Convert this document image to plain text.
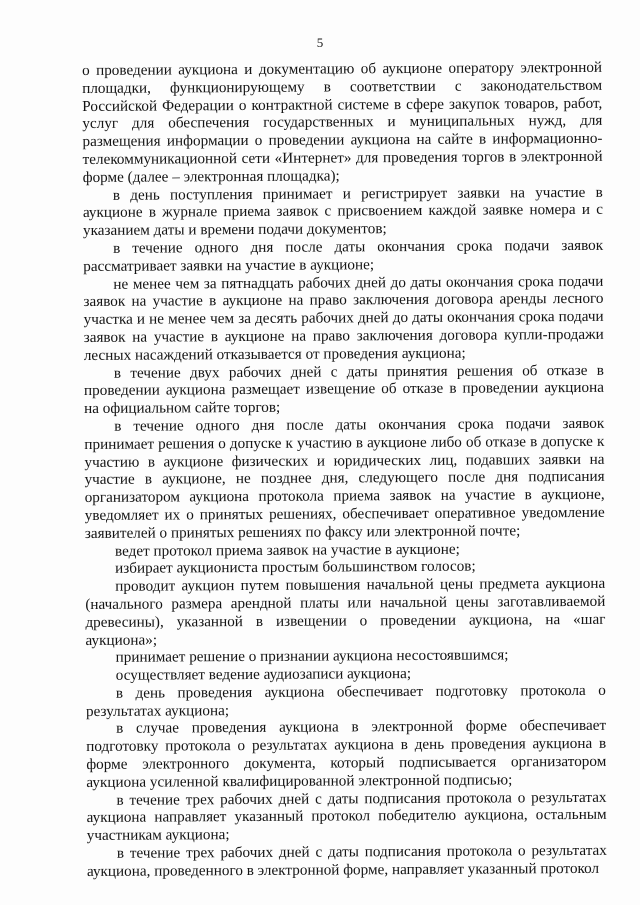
5

о проведении аукциона и документацию об аукционе оператору электронной площадки, функционирующему в соответствии с законодательством Российской Федерации о контрактной системе в сфере закупок товаров, работ, услуг для обеспечения государственных и муниципальных нужд, для размещения информации о проведении аукциона на сайте в информационно-телекоммуникационной сети «Интернет» для проведения торгов в электронной форме (далее – электронная площадка);

в день поступления принимает и регистрирует заявки на участие в аукционе в журнале приема заявок с присвоением каждой заявке номера и с указанием даты и времени подачи документов;

в течение одного дня после даты окончания срока подачи заявок рассматривает заявки на участие в аукционе;

не менее чем за пятнадцать рабочих дней до даты окончания срока подачи заявок на участие в аукционе на право заключения договора аренды лесного участка и не менее чем за десять рабочих дней до даты окончания срока подачи заявок на участие в аукционе на право заключения договора купли-продажи лесных насаждений отказывается от проведения аукциона;

в течение двух рабочих дней с даты принятия решения об отказе в проведении аукциона размещает извещение об отказе в проведении аукциона на официальном сайте торгов;

в течение одного дня после даты окончания срока подачи заявок принимает решения о допуске к участию в аукционе либо об отказе в допуске к участию в аукционе физических и юридических лиц, подавших заявки на участие в аукционе, не позднее дня, следующего после дня подписания организатором аукциона протокола приема заявок на участие в аукционе, уведомляет их о принятых решениях, обеспечивает оперативное уведомление заявителей о принятых решениях по факсу или электронной почте;

ведет протокол приема заявок на участие в аукционе;

избирает аукциониста простым большинством голосов;

проводит аукцион путем повышения начальной цены предмета аукциона (начального размера арендной платы или начальной цены заготавливаемой древесины), указанной в извещении о проведении аукциона, на «шаг аукциона»;

принимает решение о признании аукциона несостоявшимся;

осуществляет ведение аудиозаписи аукциона;

в день проведения аукциона обеспечивает подготовку протокола о результатах аукциона;

в случае проведения аукциона в электронной форме обеспечивает подготовку протокола о результатах аукциона в день проведения аукциона в форме электронного документа, который подписывается организатором аукциона усиленной квалифицированной электронной подписью;

в течение трех рабочих дней с даты подписания протокола о результатах аукциона направляет указанный протокол победителю аукциона, остальным участникам аукциона;

в течение трех рабочих дней с даты подписания протокола о результатах аукциона, проведенного в электронной форме, направляет указанный протокол
